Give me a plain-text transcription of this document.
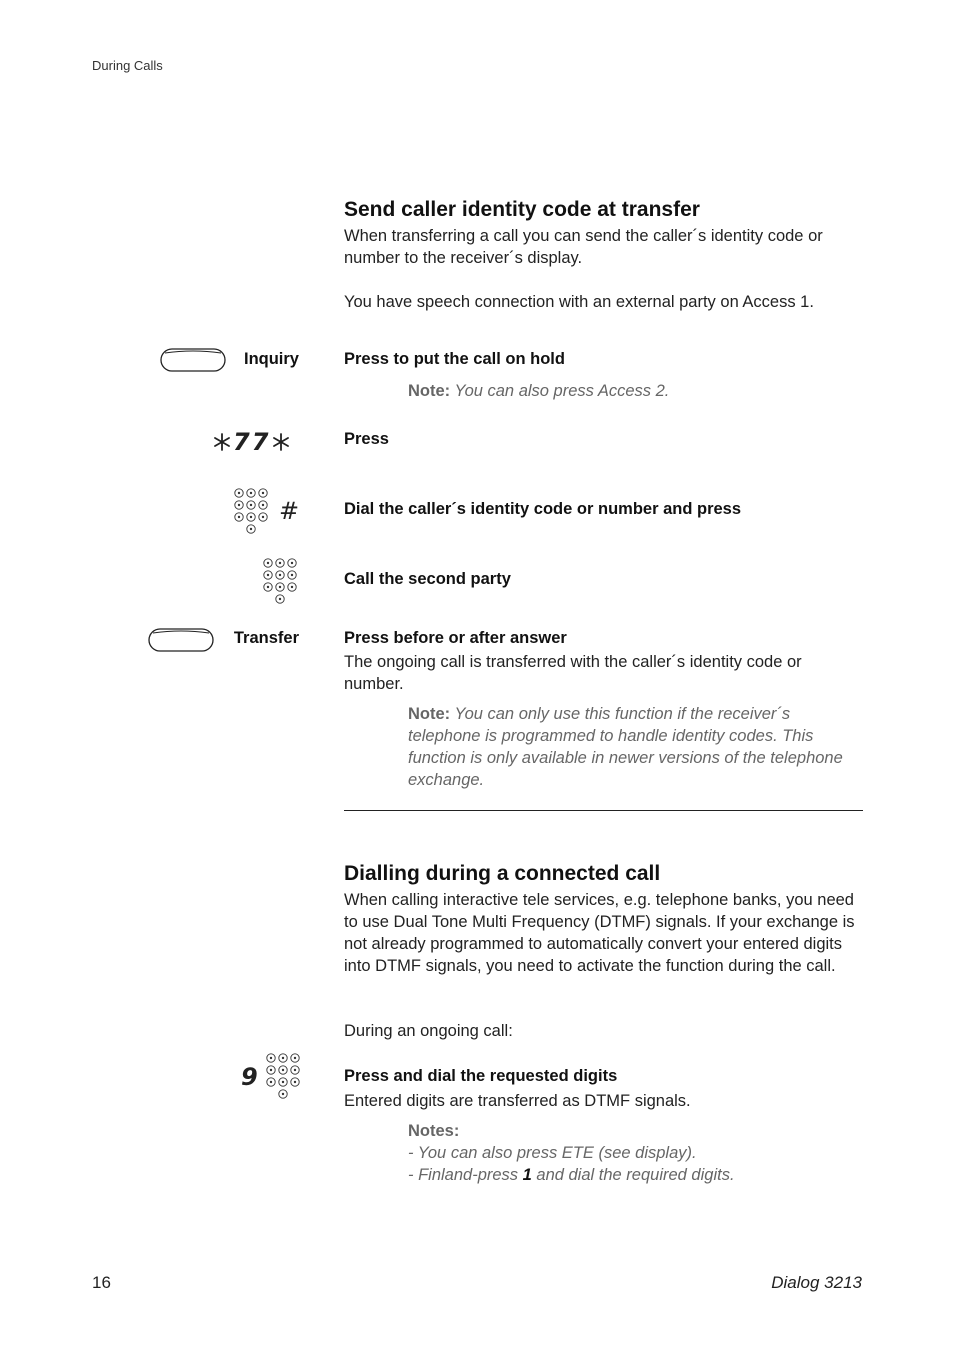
During Calls
Send caller identity code at transfer
When transferring a call you can send the caller´s identity code or number to the receiver´s display.
You have speech connection with an external party on Access 1.
Inquiry	Press to put the call on hold
Note: You can also press Access 2.
77	Press
#	Dial the caller´s identity code or number and press
Call the second party
Transfer	Press before or after answer
The ongoing call is transferred with the caller´s identity code or number.
Note: You can only use this function if the receiver´s telephone is programmed to handle identity codes. This function is only available in newer versions of the telephone exchange.
Dialling during a connected call
When calling interactive tele services, e.g. telephone banks, you need to use Dual Tone Multi Frequency (DTMF) signals. If your exchange is not already programmed to automatically convert your entered digits into DTMF signals, you need to activate the function during the call.
During an ongoing call:
9	Press and dial the requested digits
Entered digits are transferred as DTMF signals.
Notes:
- You can also press ETE (see display).
- Finland-press 1 and dial the required digits.
16	Dialog 3213
